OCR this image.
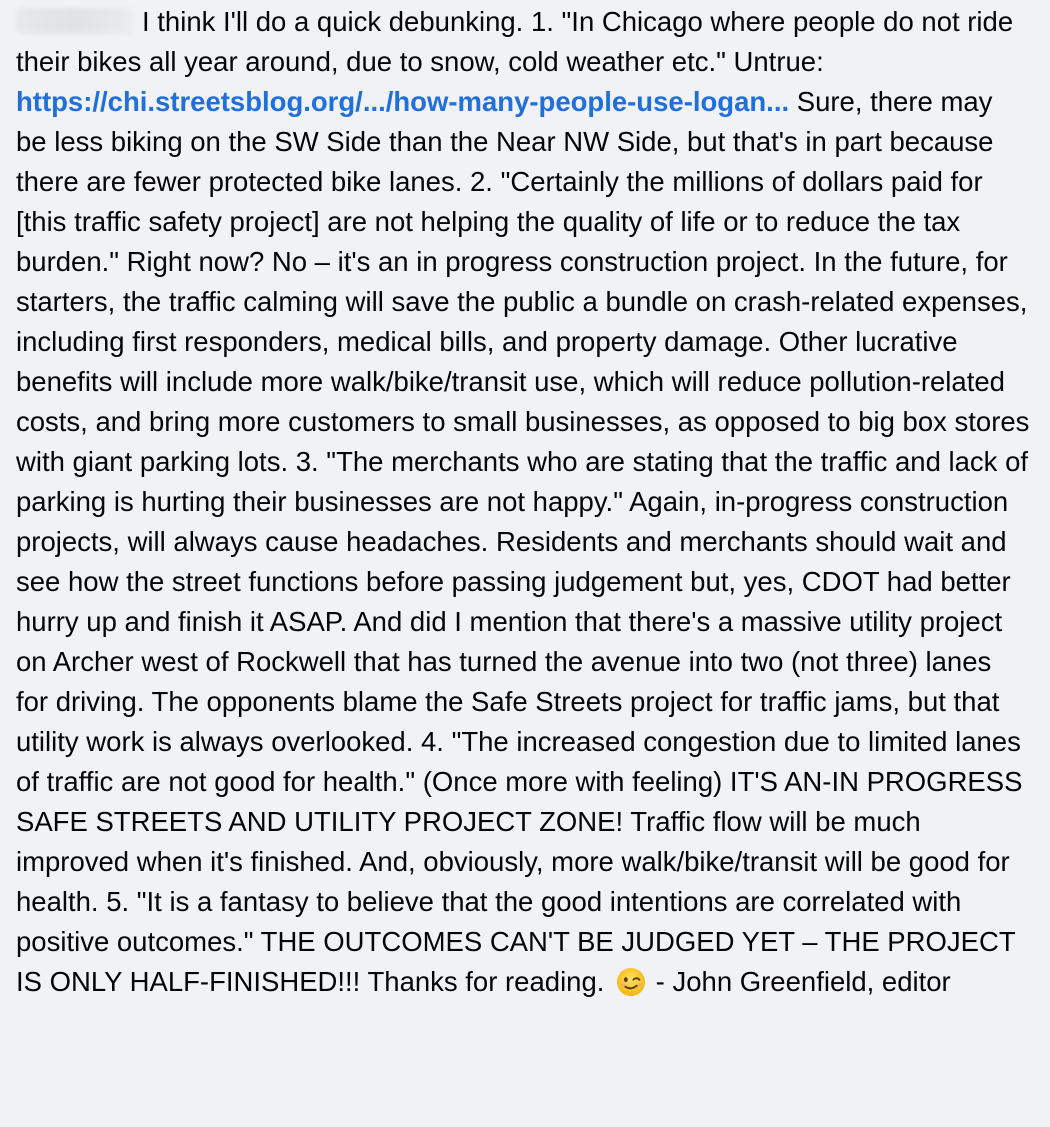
I think I'll do a quick debunking. 1. "In Chicago where people do not ride their bikes all year around, due to snow, cold weather etc." Untrue: https://chi.streetsblog.org/.../how-many-people-use-logan... Sure, there may be less biking on the SW Side than the Near NW Side, but that's in part because there are fewer protected bike lanes. 2. "Certainly the millions of dollars paid for [this traffic safety project] are not helping the quality of life or to reduce the tax burden." Right now? No – it's an in progress construction project. In the future, for starters, the traffic calming will save the public a bundle on crash-related expenses, including first responders, medical bills, and property damage. Other lucrative benefits will include more walk/bike/transit use, which will reduce pollution-related costs, and bring more customers to small businesses, as opposed to big box stores with giant parking lots. 3. "The merchants who are stating that the traffic and lack of parking is hurting their businesses are not happy." Again, in-progress construction projects, will always cause headaches. Residents and merchants should wait and see how the street functions before passing judgement but, yes, CDOT had better hurry up and finish it ASAP. And did I mention that there's a massive utility project on Archer west of Rockwell that has turned the avenue into two (not three) lanes for driving. The opponents blame the Safe Streets project for traffic jams, but that utility work is always overlooked. 4. "The increased congestion due to limited lanes of traffic are not good for health." (Once more with feeling) IT'S AN-IN PROGRESS SAFE STREETS AND UTILITY PROJECT ZONE! Traffic flow will be much improved when it's finished. And, obviously, more walk/bike/transit will be good for health. 5. "It is a fantasy to believe that the good intentions are correlated with positive outcomes." THE OUTCOMES CAN'T BE JUDGED YET – THE PROJECT IS ONLY HALF-FINISHED!!! Thanks for reading.  - John Greenfield, editor
